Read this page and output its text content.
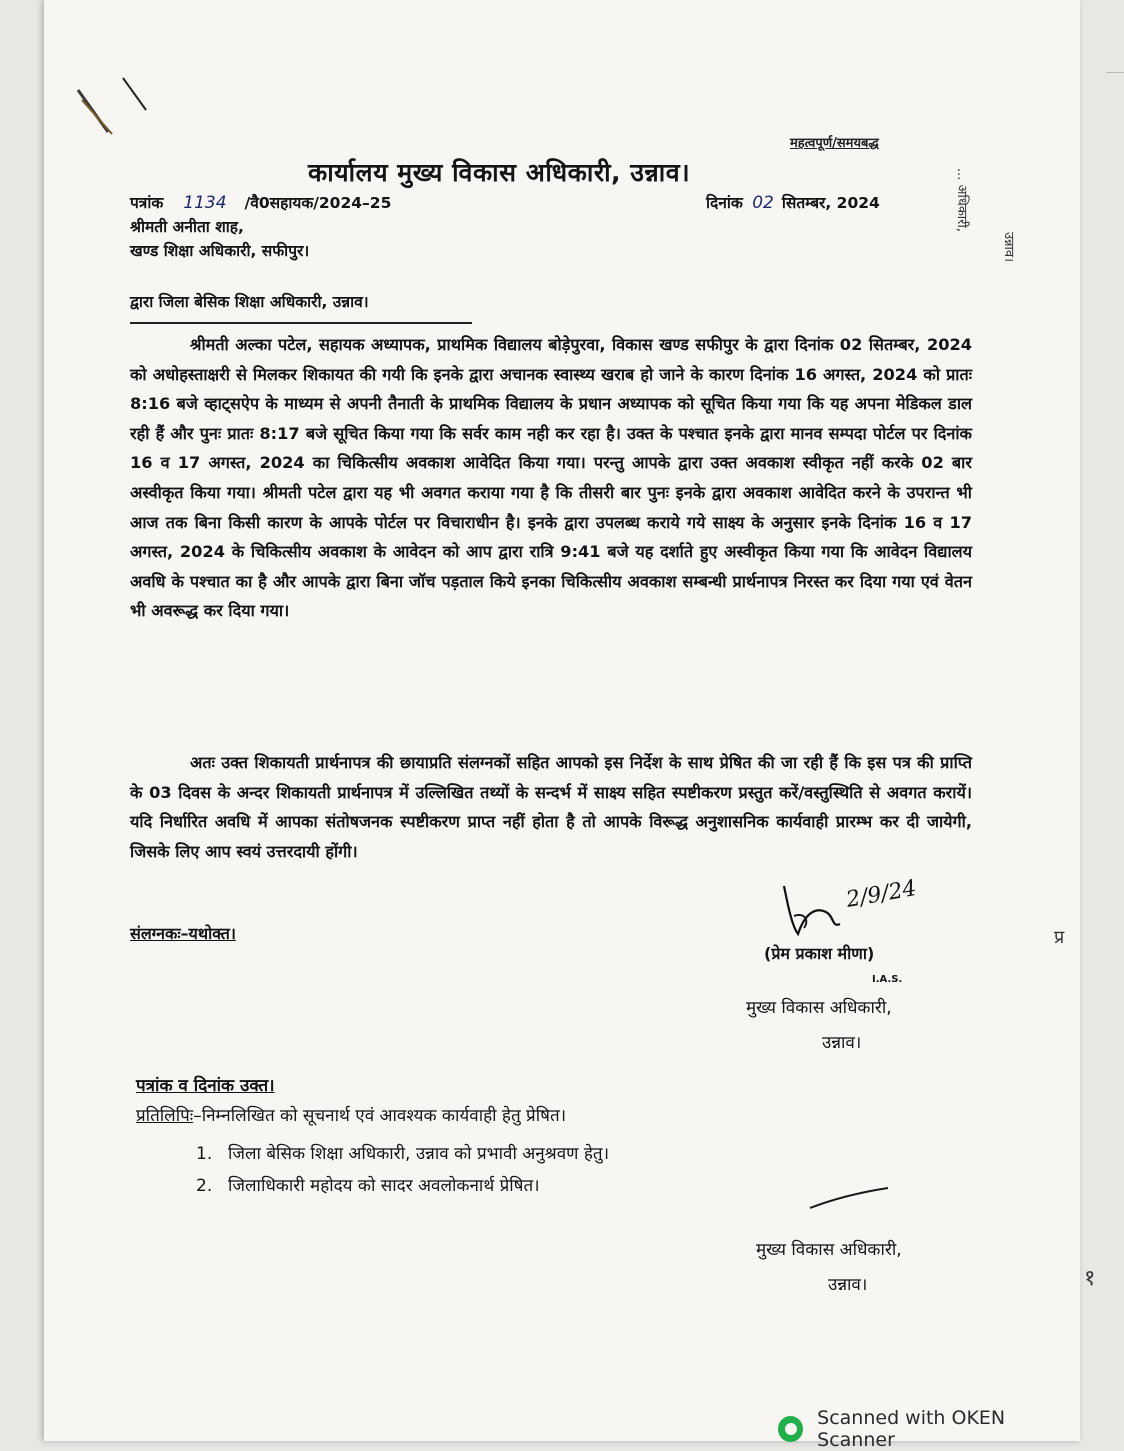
महत्वपूर्ण/समयबद्ध
कार्यालय मुख्य विकास अधिकारी, उन्नाव।
पत्रांक 1134 /वै0सहायक/2024–25	दिनांक 02 सितम्बर, 2024
श्रीमती अनीता शाह,
खण्ड शिक्षा अधिकारी, सफीपुर।
द्वारा जिला बेसिक शिक्षा अधिकारी, उन्नाव।
श्रीमती अल्का पटेल, सहायक अध्यापक, प्राथमिक विद्यालय बोड़ेपुरवा, विकास खण्ड सफीपुर के द्वारा दिनांक 02 सितम्बर, 2024 को अधोहस्ताक्षरी से मिलकर शिकायत की गयी कि इनके द्वारा अचानक स्वास्थ्य खराब हो जाने के कारण दिनांक 16 अगस्त, 2024 को प्रातः 8:16 बजे व्हाट्सऐप के माध्यम से अपनी तैनाती के प्राथमिक विद्यालय के प्रधान अध्यापक को सूचित किया गया कि यह अपना मेडिकल डाल रही हैं और पुनः प्रातः 8:17 बजे सूचित किया गया कि सर्वर काम नही कर रहा है। उक्त के पश्चात इनके द्वारा मानव सम्पदा पोर्टल पर दिनांक 16 व 17 अगस्त, 2024 का चिकित्सीय अवकाश आवेदित किया गया। परन्तु आपके द्वारा उक्त अवकाश स्वीकृत नहीं करके 02 बार अस्वीकृत किया गया। श्रीमती पटेल द्वारा यह भी अवगत कराया गया है कि तीसरी बार पुनः इनके द्वारा अवकाश आवेदित करने के उपरान्त भी आज तक बिना किसी कारण के आपके पोर्टल पर विचाराधीन है। इनके द्वारा उपलब्ध कराये गये साक्ष्य के अनुसार इनके दिनांक 16 व 17 अगस्त, 2024 के चिकित्सीय अवकाश के आवेदन को आप द्वारा रात्रि 9:41 बजे यह दर्शाते हुए अस्वीकृत किया गया कि आवेदन विद्यालय अवधि के पश्चात का है और आपके द्वारा बिना जॉच पड़ताल किये इनका चिकित्सीय अवकाश सम्बन्धी प्रार्थनापत्र निरस्त कर दिया गया एवं वेतन भी अवरूद्ध कर दिया गया।
अतः उक्त शिकायती प्रार्थनापत्र की छायाप्रति संलग्नकों सहित आपको इस निर्देश के साथ प्रेषित की जा रही हैं कि इस पत्र की प्राप्ति के 03 दिवस के अन्दर शिकायती प्रार्थनापत्र में उल्लिखित तथ्यों के सन्दर्भ में साक्ष्य सहित स्पष्टीकरण प्रस्तुत करें/वस्तुस्थिति से अवगत करायें। यदि निर्धारित अवधि में आपका संतोषजनक स्पष्टीकरण प्राप्त नहीं होता है तो आपके विरूद्ध अनुशासनिक कार्यवाही प्रारम्भ कर दी जायेगी, जिसके लिए आप स्वयं उत्तरदायी होंगी।
संलग्नकः–यथोक्त।
2/9/24
(प्रेम प्रकाश मीणा)
I.A.S.
मुख्य विकास अधिकारी,
उन्नाव।
पत्रांक व दिनांक उक्त।
प्रतिलिपिः–निम्नलिखित को सूचनार्थ एवं आवश्यक कार्यवाही हेतु प्रेषित।
1. जिला बेसिक शिक्षा अधिकारी, उन्नाव को प्रभावी अनुश्रवण हेतु।
2. जिलाधिकारी महोदय को सादर अवलोकनार्थ प्रेषित।
मुख्य विकास अधिकारी,
उन्नाव।
... अधिकारी,
उन्नाव।
प्र
१
Scanned with OKEN Scanner
